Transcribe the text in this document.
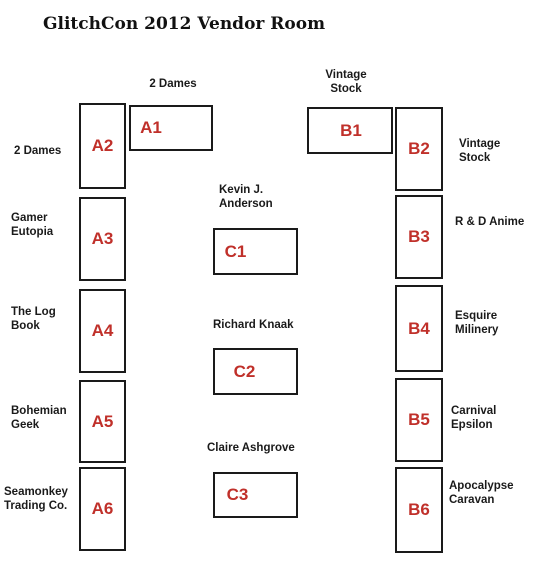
GlitchCon 2012 Vendor Room
2 Dames
A1
Vintage
Stock
B1
2 Dames A2
Gamer
Eutopia A3
The Log
Book	A4
Bohemian
Geek	A5
Seamonkey
Trading Co. A6
Kevin J.
Anderson
C1
Richard Knaak
C2
Claire Ashgrove
C3
B2	Vintage
Stock
B3
R & D Anime
B4
Esquire
Milinery
B5 Carnival
Epsilon
B6
Apocalypse
Caravan
